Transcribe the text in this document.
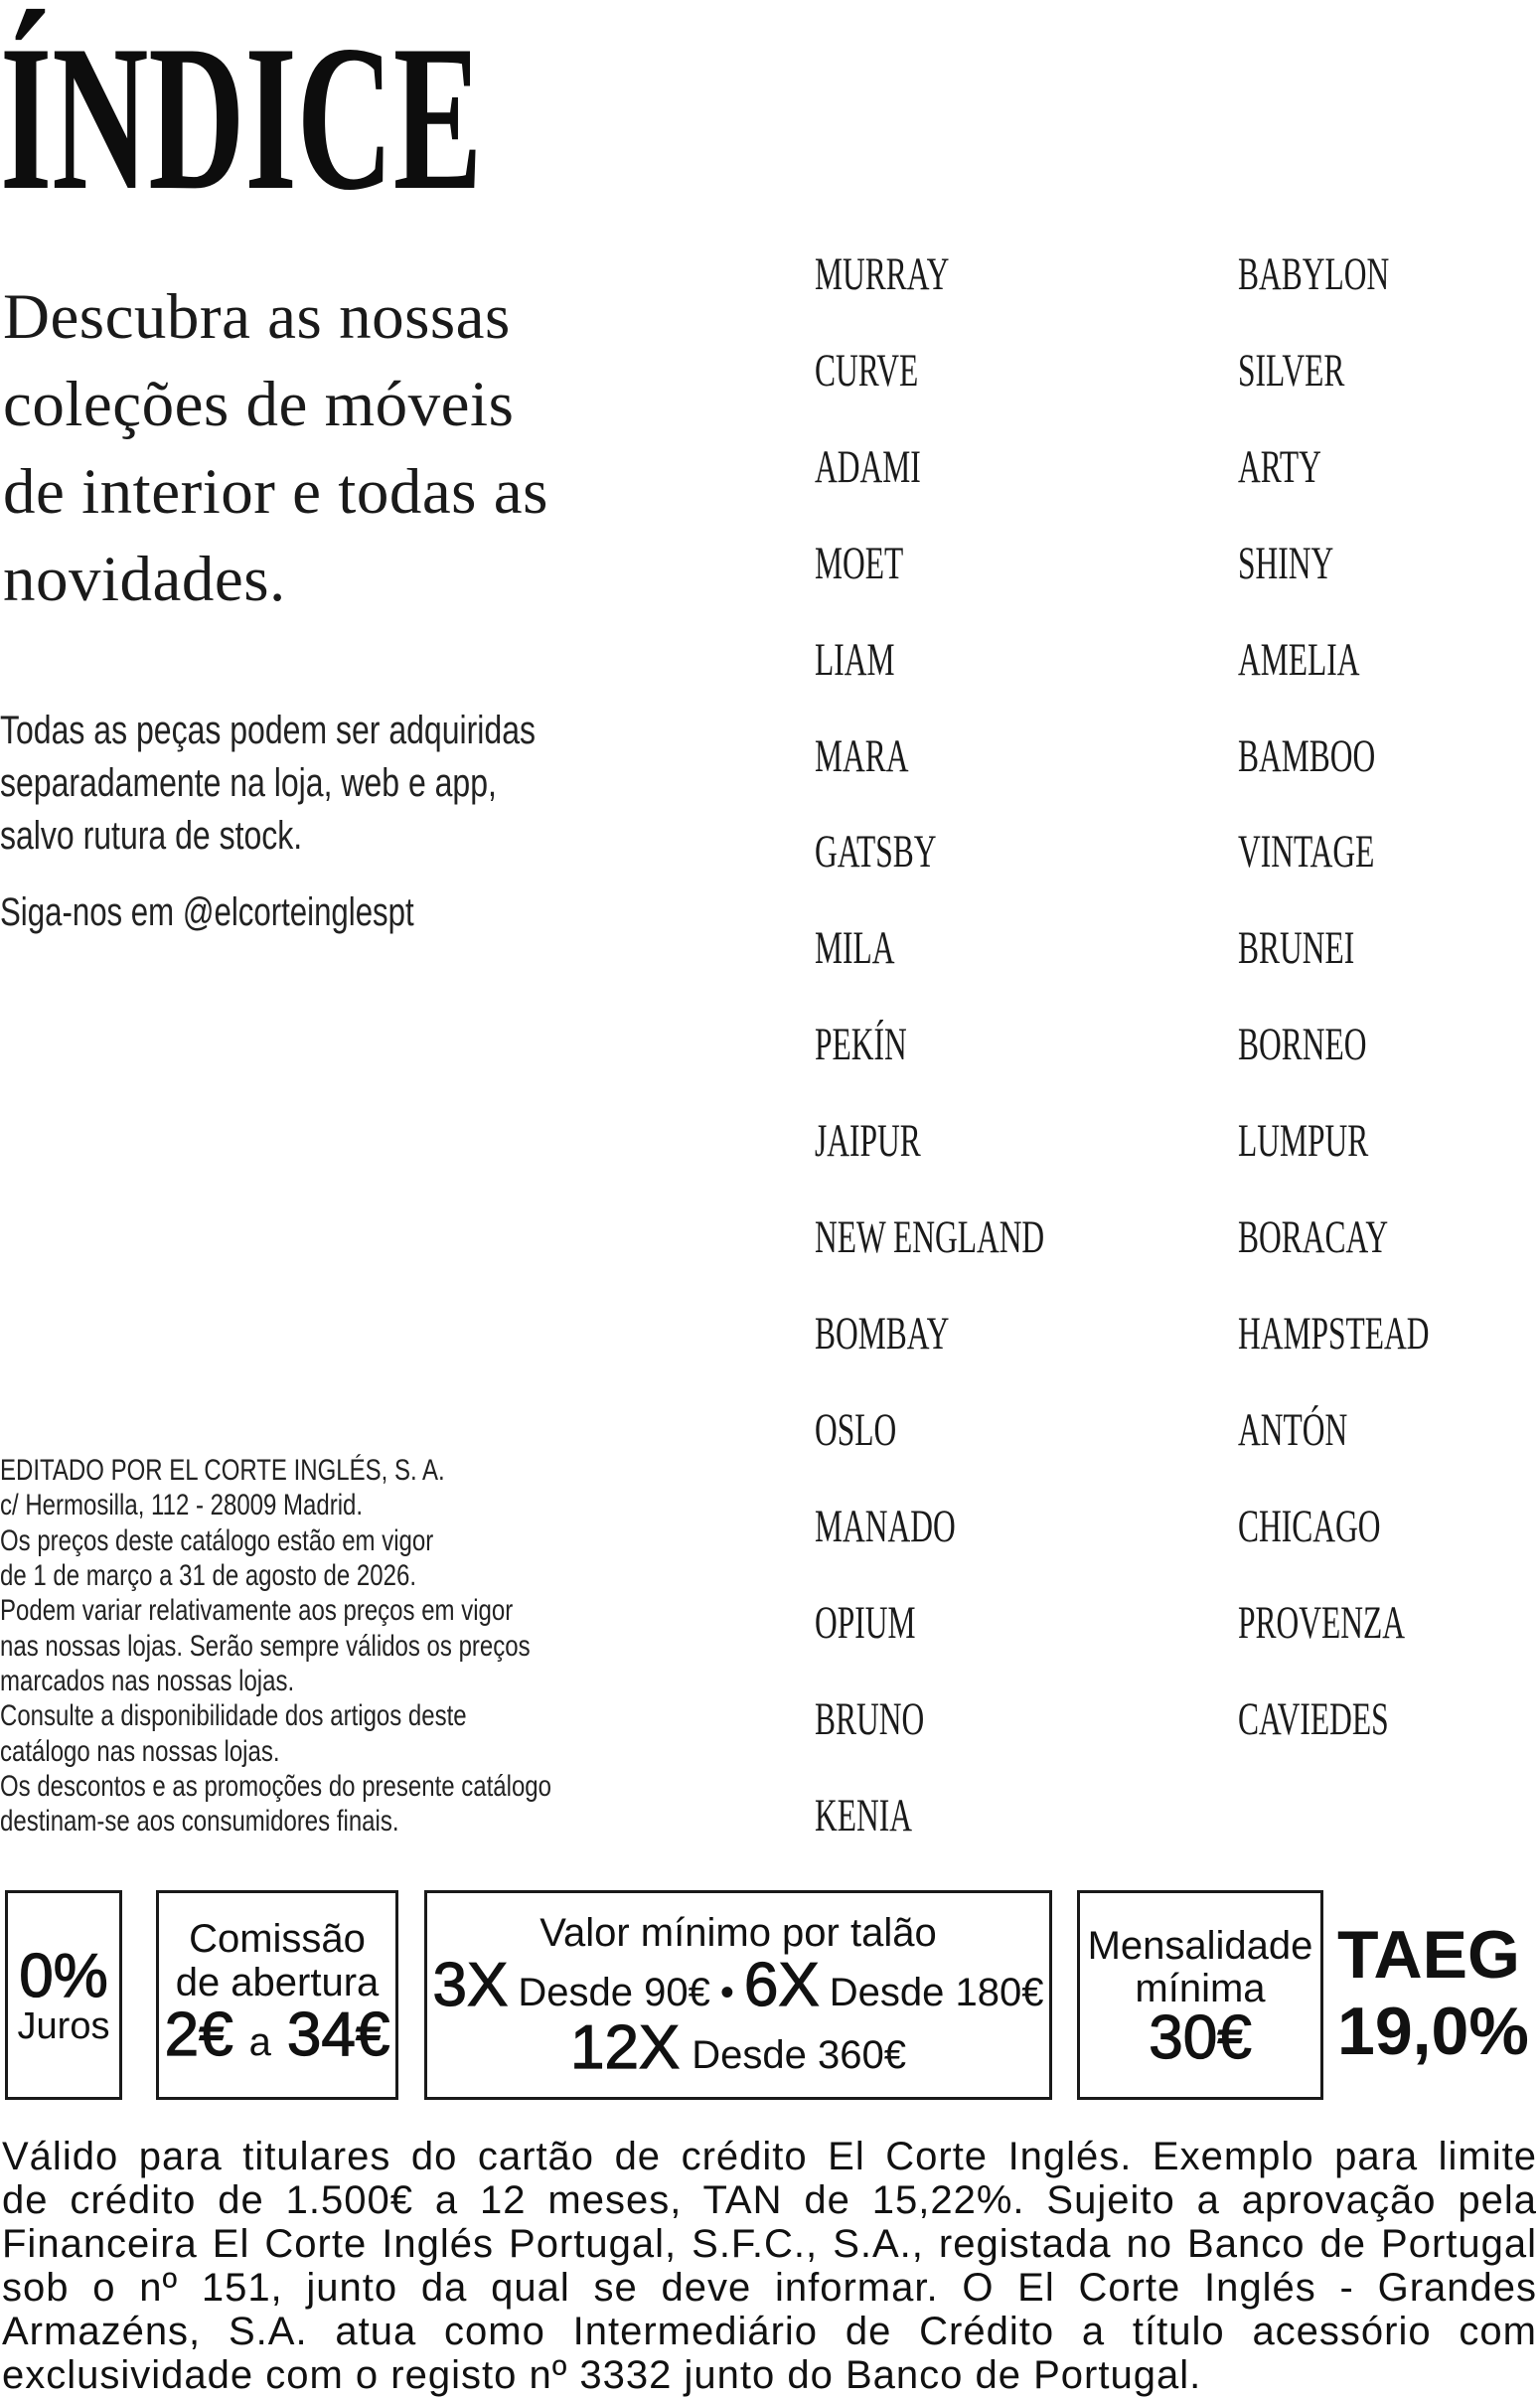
ÍNDICE
Descubra as nossas
coleções de móveis
de interior e todas as
novidades.
Todas as peças podem ser adquiridas
separadamente na loja, web e app,
salvo rutura de stock.
Siga-nos em @elcorteinglespt
EDITADO POR EL CORTE INGLÉS, S. A.
c/ Hermosilla, 112 - 28009 Madrid.
Os preços deste catálogo estão em vigor
de 1 de março a 31 de agosto de 2026.
Podem variar relativamente aos preços em vigor
nas nossas lojas. Serão sempre válidos os preços
marcados nas nossas lojas.
Consulte a disponibilidade dos artigos deste
catálogo nas nossas lojas.
Os descontos e as promoções do presente catálogo
destinam-se aos consumidores finais.
MURRAY
CURVE
ADAMI
MOET
LIAM
MARA
GATSBY
MILA
PEKÍN
JAIPUR
NEW ENGLAND
BOMBAY
OSLO
MANADO
OPIUM
BRUNO
KENIA
BABYLON
SILVER
ARTY
SHINY
AMELIA
BAMBOO
VINTAGE
BRUNEI
BORNEO
LUMPUR
BORACAY
HAMPSTEAD
ANTÓN
CHICAGO
PROVENZA
CAVIEDES
0%
Juros
Comissão
de abertura
2€ a 34€
Valor mínimo por talão
3X Desde 90€ • 6X Desde 180€
12X Desde 360€
Mensalidade
mínima
30€
TAEG
19,0%
Válido para titulares do cartão de crédito El Corte Inglés. Exemplo para limite
de crédito de 1.500€ a 12 meses, TAN de 15,22%. Sujeito a aprovação pela
Financeira El Corte Inglés Portugal, S.F.C., S.A., registada no Banco de Portugal
sob o nº 151, junto da qual se deve informar. O El Corte Inglés - Grandes
Armazéns, S.A. atua como Intermediário de Crédito a título acessório com
exclusividade com o registo nº 3332 junto do Banco de Portugal.
